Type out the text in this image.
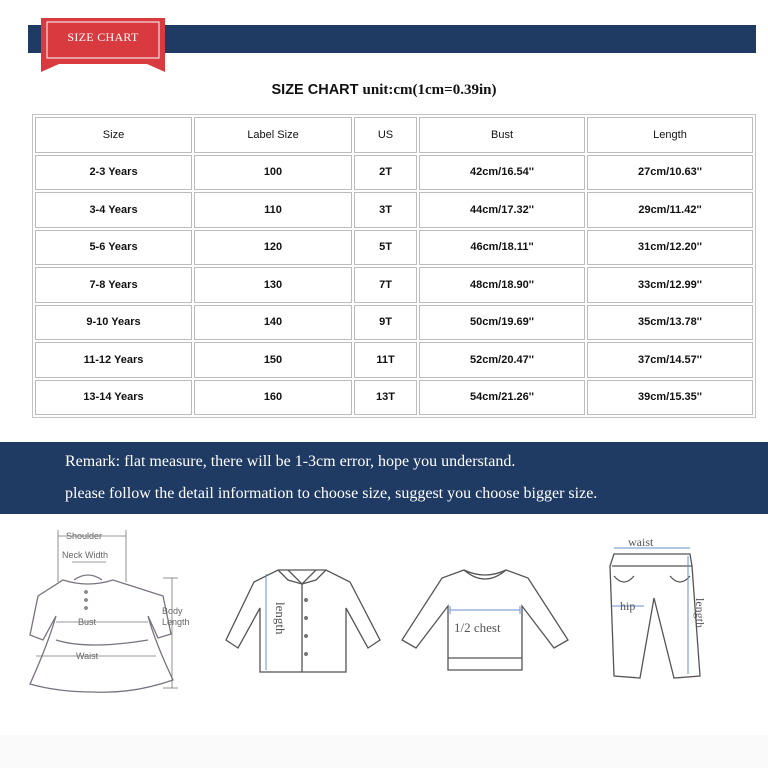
SIZE CHART
SIZE CHART unit:cm(1cm=0.39in)
Size	Label Size	US	Bust	Length
2-3 Years	100	2T	42cm/16.54''	27cm/10.63''
3-4 Years	110	3T	44cm/17.32''	29cm/11.42''
5-6 Years	120	5T	46cm/18.11''	31cm/12.20''
7-8 Years	130	7T	48cm/18.90''	33cm/12.99''
9-10 Years	140	9T	50cm/19.69''	35cm/13.78''
11-12 Years	150	11T	52cm/20.47''	37cm/14.57''
13-14 Years	160	13T	54cm/21.26''	39cm/15.35''
Remark: flat measure, there will be 1-3cm error, hope you understand.
please follow the detail information to choose size, suggest you choose bigger size.
Shoulder
Neck Width
Bust
Waist
Body
Length	length	1/2 chest
waist
hip	length
